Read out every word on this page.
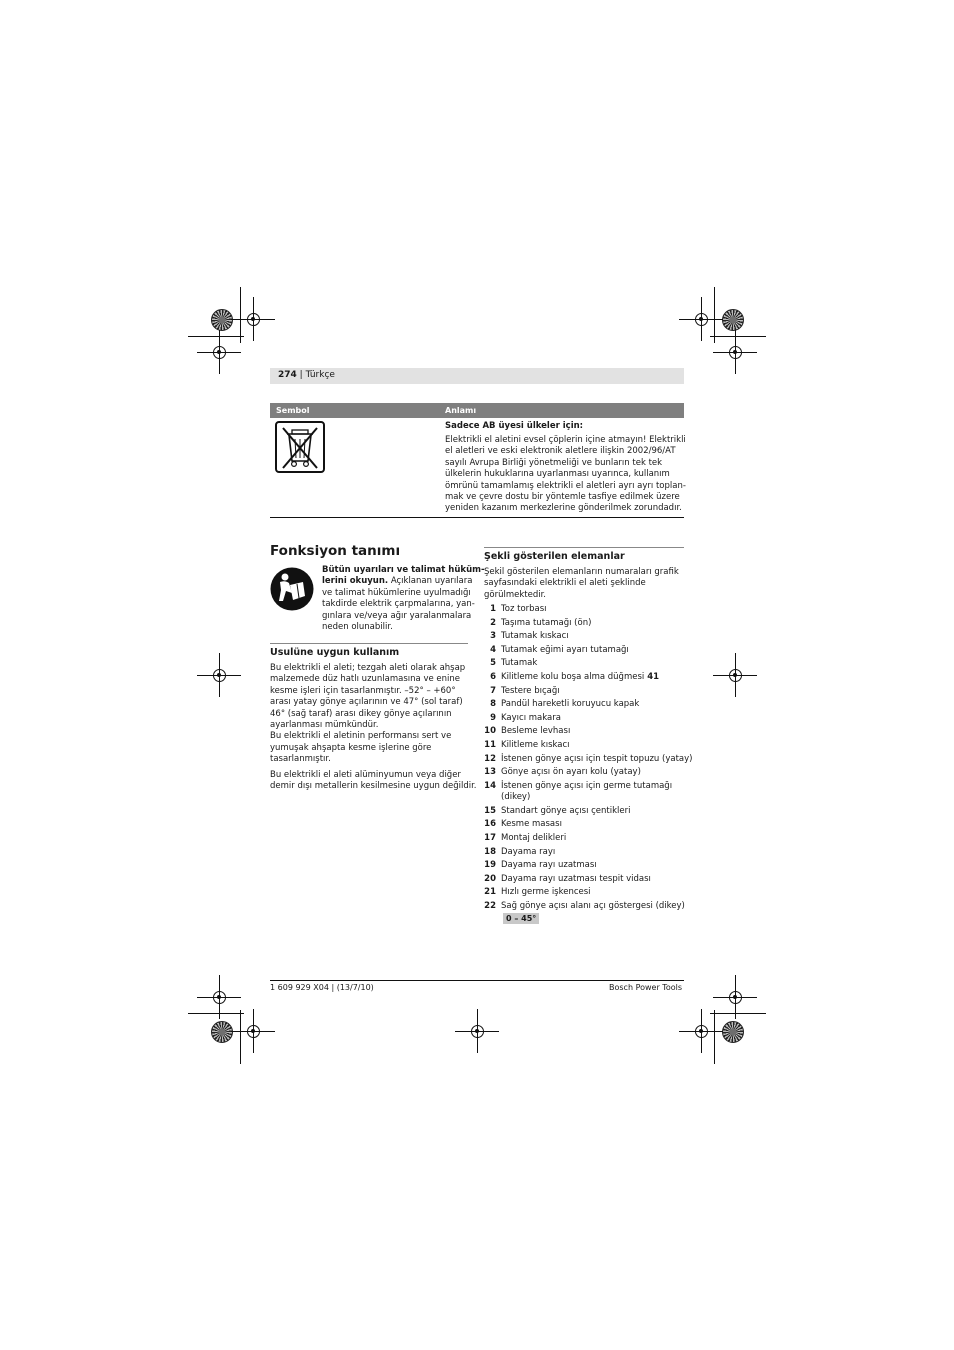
274 | Türkçe
Sembol	Anlamı
Sadece AB üyesi ülkeler için:
Elektrikli el aletini evsel çöplerin içine atmayın! Elektrikli
el aletleri ve eski elektronik aletlere ilişkin 2002/96/AT
sayılı Avrupa Birliği yönetmeliği ve bunların tek tek
ülkelerin hukuklarına uyarlanması uyarınca, kullanım
ömrünü tamamlamış elektrikli el aletleri ayrı ayrı toplan-
mak ve çevre dostu bir yöntemle tasfiye edilmek üzere
yeniden kazanım merkezlerine gönderilmek zorundadır.
Fonksiyon tanımı
Bütün uyarıları ve talimat hüküm-
lerini okuyun. Açıklanan uyarılara
ve talimat hükümlerine uyulmadığı
takdirde elektrik çarpmalarına, yan-
gınlara ve/veya ağır yaralanmalara
neden olunabilir.
Usulüne uygun kullanım
Bu elektrikli el aleti; tezgah aleti olarak ahşap
malzemede düz hatlı uzunlamasına ve enine
kesme işleri için tasarlanmıştır. –52° – +60°
arası yatay gönye açılarının ve 47° (sol taraf)
46° (sağ taraf) arası dikey gönye açılarının
ayarlanması mümkündür.
Bu elektrikli el aletinin performansı sert ve
yumuşak ahşapta kesme işlerine göre
tasarlanmıştır.
Bu elektrikli el aleti alüminyumun veya diğer
demir dışı metallerin kesilmesine uygun değildir.
Şekli gösterilen elemanlar
Şekil gösterilen elemanların numaraları grafik
sayfasındaki elektrikli el aleti şeklinde
görülmektedir.
1 Toz torbası
2 Taşıma tutamağı (ön)
3 Tutamak kıskacı
4 Tutamak eğimi ayarı tutamağı
5 Tutamak
6 Kilitleme kolu boşa alma düğmesi 41
7 Testere bıçağı
8 Pandül hareketli koruyucu kapak
9 Kayıcı makara
10 Besleme levhası
11 Kilitleme kıskacı
12 İstenen gönye açısı için tespit topuzu (yatay)
13 Gönye açısı ön ayarı kolu (yatay)
14 İstenen gönye açısı için germe tutamağı
(dikey)
15 Standart gönye açısı çentikleri
16 Kesme masası
17 Montaj delikleri
18 Dayama rayı
19 Dayama rayı uzatması
20 Dayama rayı uzatması tespit vidası
21 Hızlı germe işkencesi
22 Sağ gönye açısı alanı açı göstergesi (dikey)
0 – 45°
1 609 929 X04 | (13/7/10)	Bosch Power Tools
